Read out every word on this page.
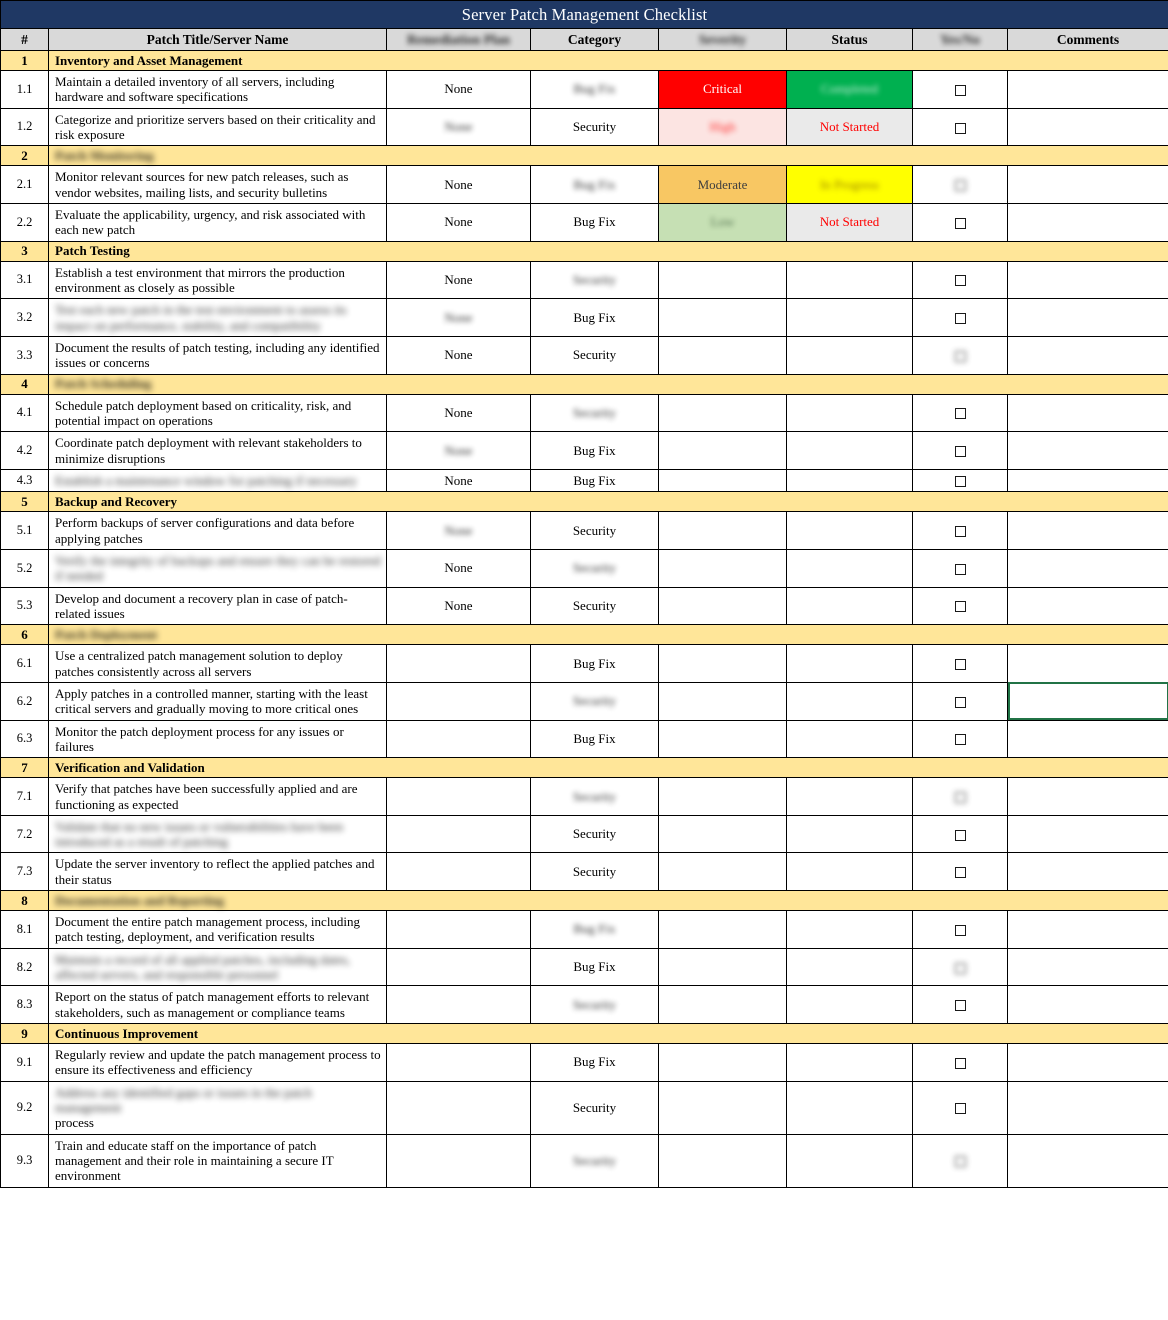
Server Patch Management Checklist							
#	Patch Title/Server Name	Remediation Plan	Category	Severity	Status	Yes/No	Comments
1	Inventory and Asset Management						
1.1	Maintain a detailed inventory of all servers, including hardware and software specifications	None	Bug Fix	Critical	Completed		
1.2	Categorize and prioritize servers based on their criticality and risk exposure	None	Security	High	Not Started		
2	Patch Monitoring						
2.1	Monitor relevant sources for new patch releases, such as vendor websites, mailing lists, and security bulletins	None	Bug Fix	Moderate	In Progress		
2.2	Evaluate the applicability, urgency, and risk associated with each new patch	None	Bug Fix	Low	Not Started		
3	Patch Testing						
3.1	Establish a test environment that mirrors the production environment as closely as possible	None	Security				
3.2	Test each new patch in the test environment to assess its impact on performance, stability, and compatibility	None	Bug Fix				
3.3	Document the results of patch testing, including any identified issues or concerns	None	Security				
4	Patch Scheduling						
4.1	Schedule patch deployment based on criticality, risk, and potential impact on operations	None	Security				
4.2	Coordinate patch deployment with relevant stakeholders to minimize disruptions	None	Bug Fix				
4.3	Establish a maintenance window for patching if necessary	None	Bug Fix				
5	Backup and Recovery						
5.1	Perform backups of server configurations and data before applying patches	None	Security				
5.2	Verify the integrity of backups and ensure they can be restored if needed	None	Security				
5.3	Develop and document a recovery plan in case of patch-related issues	None	Security				
6	Patch Deployment						
6.1	Use a centralized patch management solution to deploy patches consistently across all servers		Bug Fix				
6.2	Apply patches in a controlled manner, starting with the least critical servers and gradually moving to more critical ones		Security				
6.3	Monitor the patch deployment process for any issues or failures		Bug Fix				
7	Verification and Validation						
7.1	Verify that patches have been successfully applied and are functioning as expected		Security				
7.2	Validate that no new issues or vulnerabilities have been introduced as a result of patching		Security				
7.3	Update the server inventory to reflect the applied patches and their status		Security				
8	Documentation and Reporting						
8.1	Document the entire patch management process, including patch testing, deployment, and verification results		Bug Fix				
8.2	Maintain a record of all applied patches, including dates, affected servers, and responsible personnel		Bug Fix				
8.3	Report on the status of patch management efforts to relevant stakeholders, such as management or compliance teams		Security				
9	Continuous Improvement						
9.1	Regularly review and update the patch management process to ensure its effectiveness and efficiency		Bug Fix				
9.2	Address any identified gaps or issues in the patch management process		Security				
9.3	Train and educate staff on the importance of patch management and their role in maintaining a secure IT environment		Security				
